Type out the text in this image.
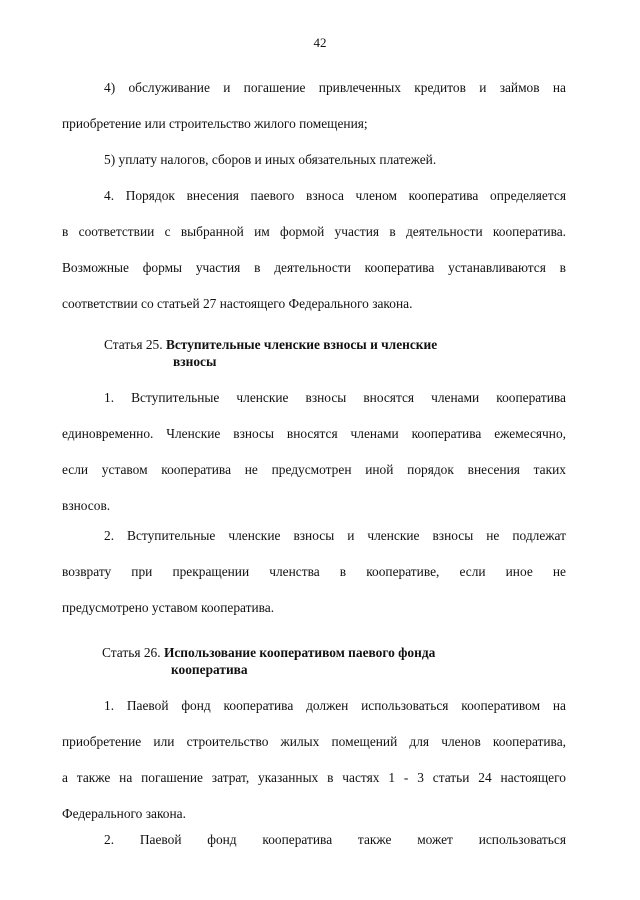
42
4) обслуживание и погашение привлеченных кредитов и займов на
приобретение или строительство жилого помещения;
5) уплату налогов, сборов и иных обязательных платежей.
4. Порядок внесения паевого взноса членом кооператива определяется
в соответствии с выбранной им формой участия в деятельности кооператива.
Возможные формы участия в деятельности кооператива устанавливаются в
соответствии со статьей 27 настоящего Федерального закона.
Статья 25. Вступительные членские взносы и членские
взносы
1. Вступительные членские взносы вносятся членами кооператива
единовременно. Членские взносы вносятся членами кооператива ежемесячно,
если уставом кооператива не предусмотрен иной порядок внесения таких
взносов.
2. Вступительные членские взносы и членские взносы не подлежат
возврату при прекращении членства в кооперативе, если иное не
предусмотрено уставом кооператива.
Статья 26. Использование кооперативом паевого фонда
кооператива
1. Паевой фонд кооператива должен использоваться кооперативом на
приобретение или строительство жилых помещений для членов кооператива,
а также на погашение затрат, указанных в частях 1 - 3 статьи 24 настоящего
Федерального закона.
2. Паевой фонд кооператива также может использоваться
